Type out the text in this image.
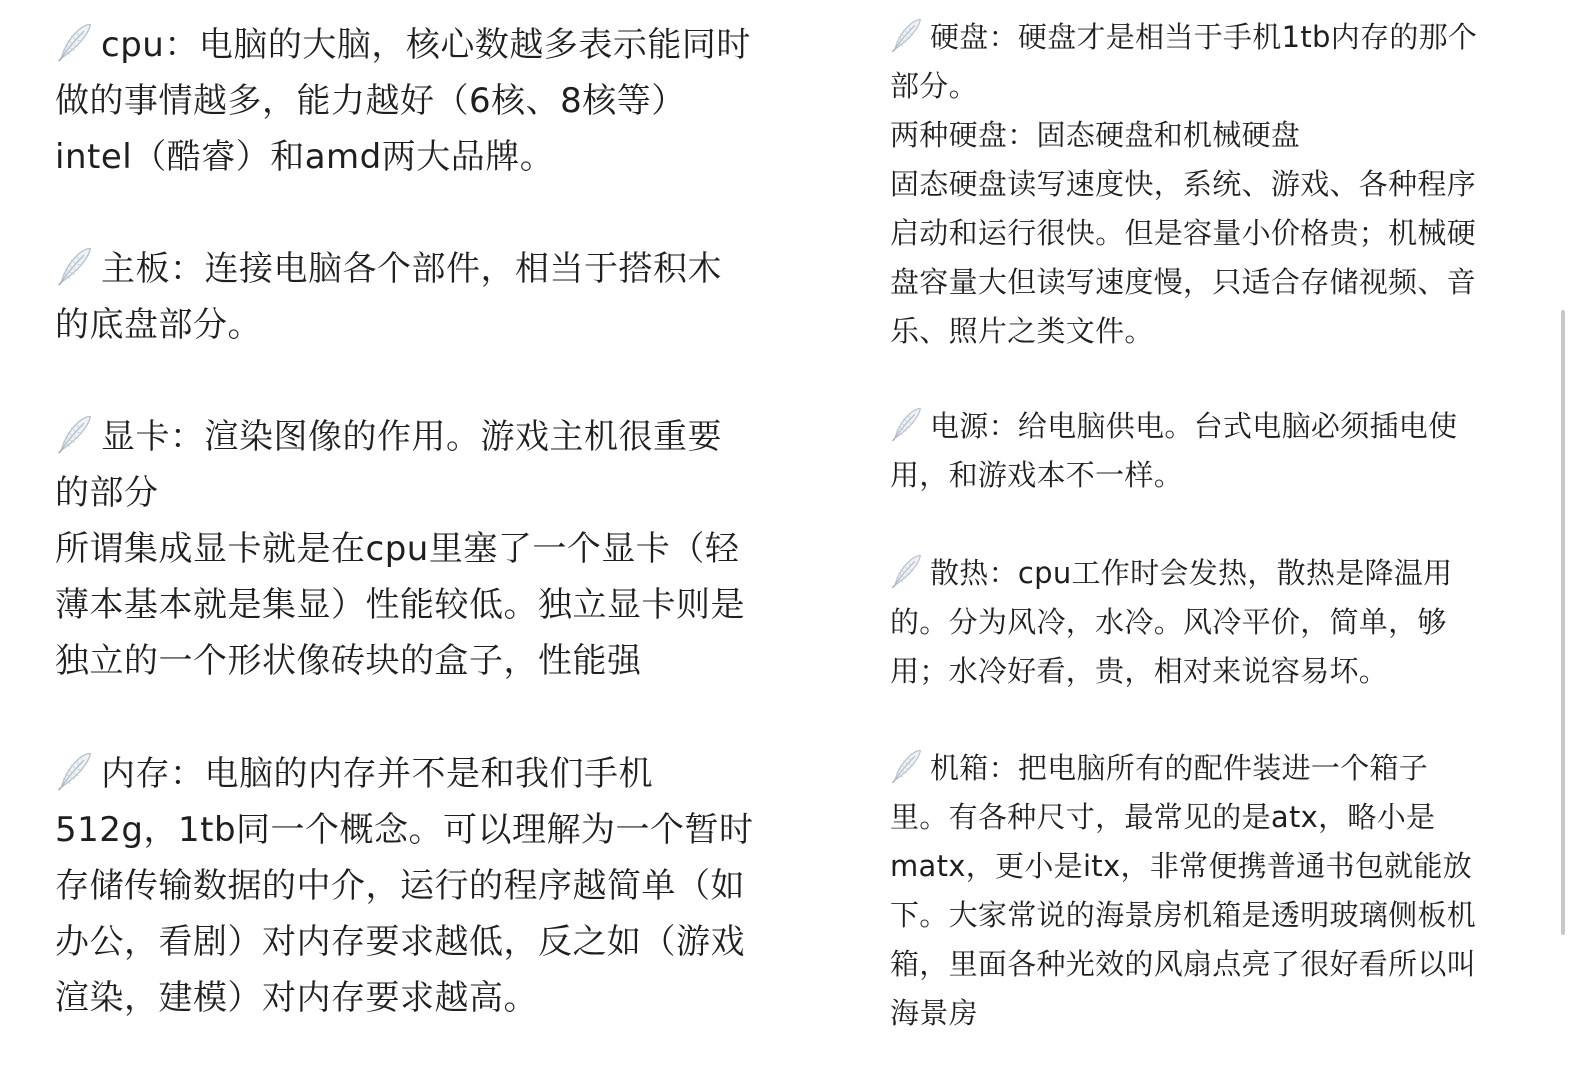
cpu：电脑的大脑，核心数越多表示能同时

做的事情越多，能力越好（6核、8核等）

intel（酷睿）和amd两大品牌。

主板：连接电脑各个部件，相当于搭积木

的底盘部分。

显卡：渲染图像的作用。游戏主机很重要

的部分

所谓集成显卡就是在cpu里塞了一个显卡（轻

薄本基本就是集显）性能较低。独立显卡则是

独立的一个形状像砖块的盒子，性能强

内存：电脑的内存并不是和我们手机

512g，1tb同一个概念。可以理解为一个暂时

存储传输数据的中介，运行的程序越简单（如

办公，看剧）对内存要求越低，反之如（游戏

渲染，建模）对内存要求越高。

硬盘：硬盘才是相当于手机1tb内存的那个

部分。

两种硬盘：固态硬盘和机械硬盘

固态硬盘读写速度快，系统、游戏、各种程序

启动和运行很快。但是容量小价格贵；机械硬

盘容量大但读写速度慢，只适合存储视频、音

乐、照片之类文件。

电源：给电脑供电。台式电脑必须插电使

用，和游戏本不一样。

散热：cpu工作时会发热，散热是降温用

的。分为风冷，水冷。风冷平价，简单，够

用；水冷好看，贵，相对来说容易坏。

机箱：把电脑所有的配件装进一个箱子

里。有各种尺寸，最常见的是atx，略小是

matx，更小是itx，非常便携普通书包就能放

下。大家常说的海景房机箱是透明玻璃侧板机

箱，里面各种光效的风扇点亮了很好看所以叫

海景房
